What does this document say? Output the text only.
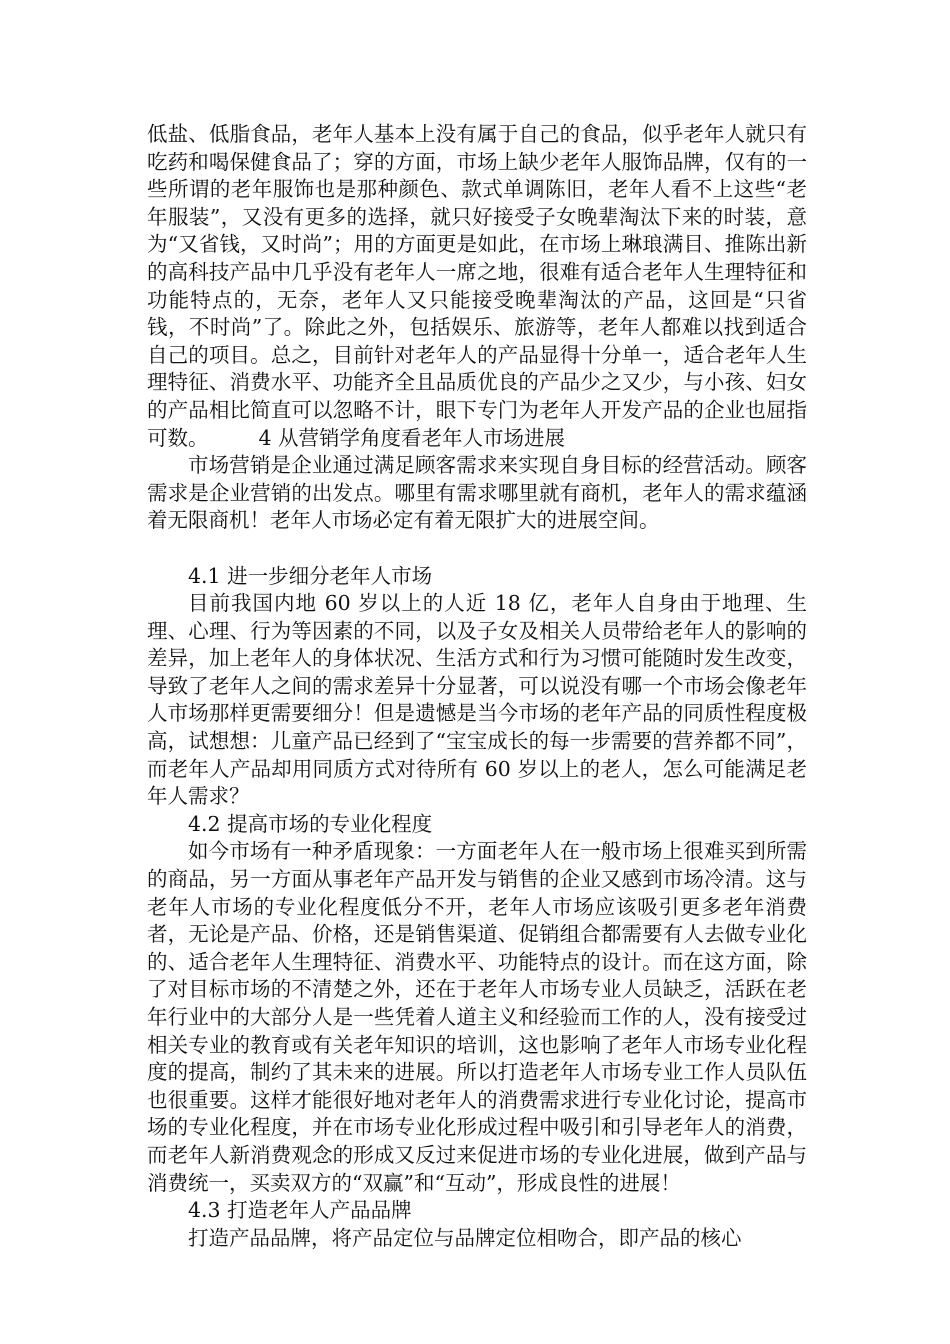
低盐、低脂食品，老年人基本上没有属于自己的食品，似乎老年人就只有吃药和喝保健食品了；穿的方面，市场上缺少老年人服饰品牌，仅有的一些所谓的老年服饰也是那种颜色、款式单调陈旧，老年人看不上这些“老年服装”，又没有更多的选择，就只好接受子女晚辈淘汰下来的时装，意为“又省钱，又时尚”；用的方面更是如此，在市场上琳琅满目、推陈出新的高科技产品中几乎没有老年人一席之地，很难有适合老年人生理特征和功能特点的，无奈，老年人又只能接受晚辈淘汰的产品，这回是“只省钱，不时尚”了。除此之外，包括娱乐、旅游等，老年人都难以找到适合自己的项目。总之，目前针对老年人的产品显得十分单一，适合老年人生理特征、消费水平、功能齐全且品质优良的产品少之又少，与小孩、妇女的产品相比简直可以忽略不计，眼下专门为老年人开发产品的企业也屈指可数。 4 从营销学角度看老年人市场进展

市场营销是企业通过满足顾客需求来实现自身目标的经营活动。顾客需求是企业营销的出发点。哪里有需求哪里就有商机，老年人的需求蕴涵着无限商机！老年人市场必定有着无限扩大的进展空间。

4.1 进一步细分老年人市场

目前我国内地 60 岁以上的人近 18 亿，老年人自身由于地理、生理、心理、行为等因素的不同，以及子女及相关人员带给老年人的影响的差异，加上老年人的身体状况、生活方式和行为习惯可能随时发生改变，导致了老年人之间的需求差异十分显著，可以说没有哪一个市场会像老年人市场那样更需要细分！但是遗憾是当今市场的老年产品的同质性程度极高，试想想：儿童产品已经到了“宝宝成长的每一步需要的营养都不同”，而老年人产品却用同质方式对待所有 60 岁以上的老人，怎么可能满足老年人需求？

4.2 提高市场的专业化程度

如今市场有一种矛盾现象：一方面老年人在一般市场上很难买到所需的商品，另一方面从事老年产品开发与销售的企业又感到市场冷清。这与老年人市场的专业化程度低分不开，老年人市场应该吸引更多老年消费者，无论是产品、价格，还是销售渠道、促销组合都需要有人去做专业化的、适合老年人生理特征、消费水平、功能特点的设计。而在这方面，除了对目标市场的不清楚之外，还在于老年人市场专业人员缺乏，活跃在老年行业中的大部分人是一些凭着人道主义和经验而工作的人，没有接受过相关专业的教育或有关老年知识的培训，这也影响了老年人市场专业化程度的提高，制约了其未来的进展。所以打造老年人市场专业工作人员队伍也很重要。这样才能很好地对老年人的消费需求进行专业化讨论，提高市场的专业化程度，并在市场专业化形成过程中吸引和引导老年人的消费，而老年人新消费观念的形成又反过来促进市场的专业化进展，做到产品与消费统一，买卖双方的“双赢”和“互动”，形成良性的进展！

4.3 打造老年人产品品牌

打造产品品牌，将产品定位与品牌定位相吻合，即产品的核心
